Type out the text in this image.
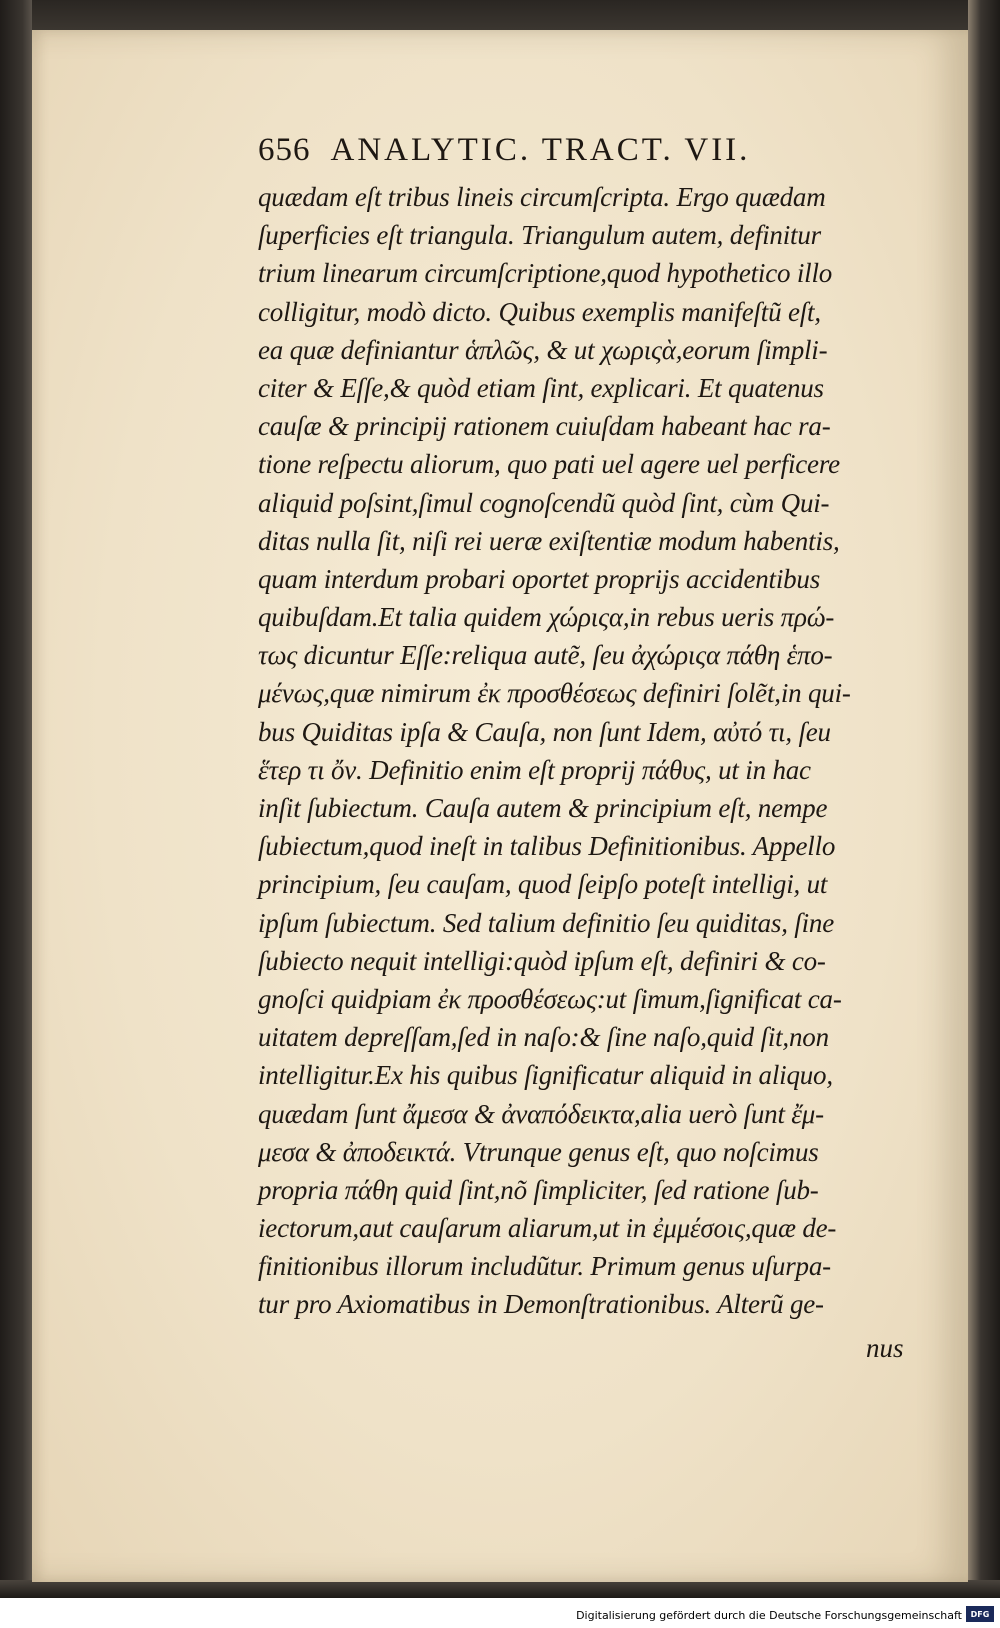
656 ANALYTIC. TRACT. VII.
quædam eſt tribus lineis circumſcripta. Ergo quædam
ſuperficies eſt triangula. Triangulum autem, definitur
trium linearum circumſcriptione,quod hypothetico illo
colligitur, modò dicto. Quibus exemplis manifeſtũ eſt,
ea quæ definiantur ἁπλῶς, & ut χωριςὰ,eorum ſimpli-
citer & Eſſe,& quòd etiam ſint, explicari. Et quatenus
cauſæ & principij rationem cuiuſdam habeant hac ra-
tione reſpectu aliorum, quo pati uel agere uel perficere
aliquid poſsint,ſimul cognoſcendũ quòd ſint, cùm Qui-
ditas nulla ſit, niſi rei ueræ exiſtentiæ modum habentis,
quam interdum probari oportet proprijs accidentibus
quibuſdam.Et talia quidem χώριςα,in rebus ueris πρώ-
τως dicuntur Eſſe:reliqua autẽ, ſeu ἀχώριςα πάθη ἑπο-
μένως,quæ nimirum ἐκ προσθέσεως definiri ſolẽt,in qui-
bus Quiditas ipſa & Cauſa, non ſunt Idem, αὐτό τι, ſeu
ἕτερ τι ὄν. Definitio enim eſt proprij πάθυς, ut in hac
inſit ſubiectum. Cauſa autem & principium eſt, nempe
ſubiectum,quod ineſt in talibus Definitionibus. Appello
principium, ſeu cauſam, quod ſeipſo poteſt intelligi, ut
ipſum ſubiectum. Sed talium definitio ſeu quiditas, ſine
ſubiecto nequit intelligi:quòd ipſum eſt, definiri & co-
gnoſci quidpiam ἐκ προσθέσεως:ut ſimum,ſignificat ca-
uitatem depreſſam,ſed in naſo:& ſine naſo,quid ſit,non
intelligitur.Ex his quibus ſignificatur aliquid in aliquo,
quædam ſunt ἄμεσα & ἀναπόδεικτα,alia uerò ſunt ἔμ-
μεσα & ἀποδεικτά. Vtrunque genus eſt, quo noſcimus
propria πάθη quid ſint,nõ ſimpliciter, ſed ratione ſub-
iectorum,aut cauſarum aliarum,ut in ἐμμέσοις,quæ de-
finitionibus illorum includũtur. Primum genus uſurpa-
tur pro Axiomatibus in Demonſtrationibus. Alterũ ge-
nus
Digitalisierung gefördert durch die Deutsche Forschungsgemeinschaft DFG
